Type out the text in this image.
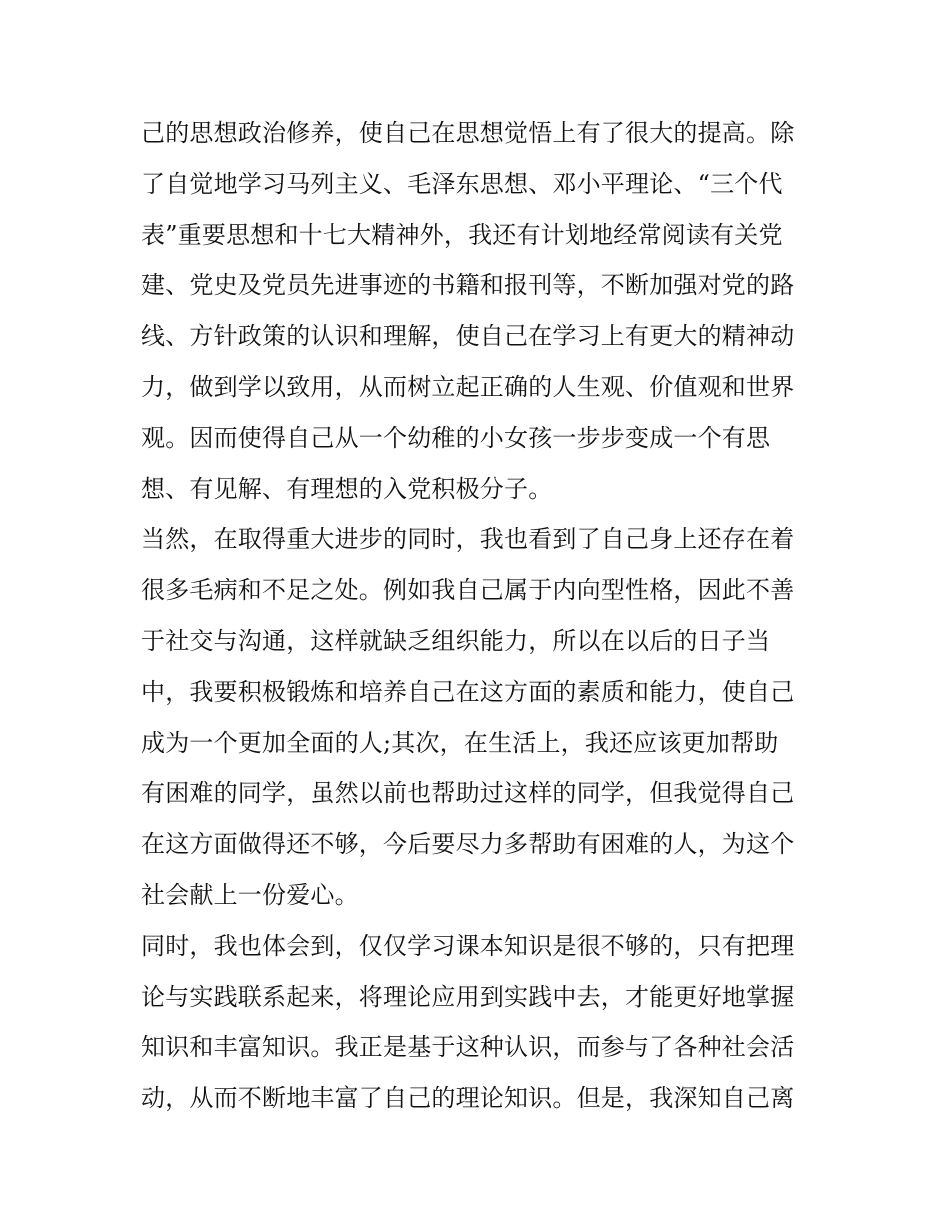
己的思想政治修养，使自己在思想觉悟上有了很大的提高。除
了自觉地学习马列主义、毛泽东思想、邓小平理论、“三个代
表”重要思想和十七大精神外，我还有计划地经常阅读有关党
建、党史及党员先进事迹的书籍和报刊等，不断加强对党的路
线、方针政策的认识和理解，使自己在学习上有更大的精神动
力，做到学以致用，从而树立起正确的人生观、价值观和世界
观。因而使得自己从一个幼稚的小女孩一步步变成一个有思
想、有见解、有理想的入党积极分子。
当然，在取得重大进步的同时，我也看到了自己身上还存在着
很多毛病和不足之处。例如我自己属于内向型性格，因此不善
于社交与沟通，这样就缺乏组织能力，所以在以后的日子当
中，我要积极锻炼和培养自己在这方面的素质和能力，使自己
成为一个更加全面的人;其次，在生活上，我还应该更加帮助
有困难的同学，虽然以前也帮助过这样的同学，但我觉得自己
在这方面做得还不够，今后要尽力多帮助有困难的人，为这个
社会献上一份爱心。
同时，我也体会到，仅仅学习课本知识是很不够的，只有把理
论与实践联系起来，将理论应用到实践中去，才能更好地掌握
知识和丰富知识。我正是基于这种认识，而参与了各种社会活
动，从而不断地丰富了自己的理论知识。但是，我深知自己离
